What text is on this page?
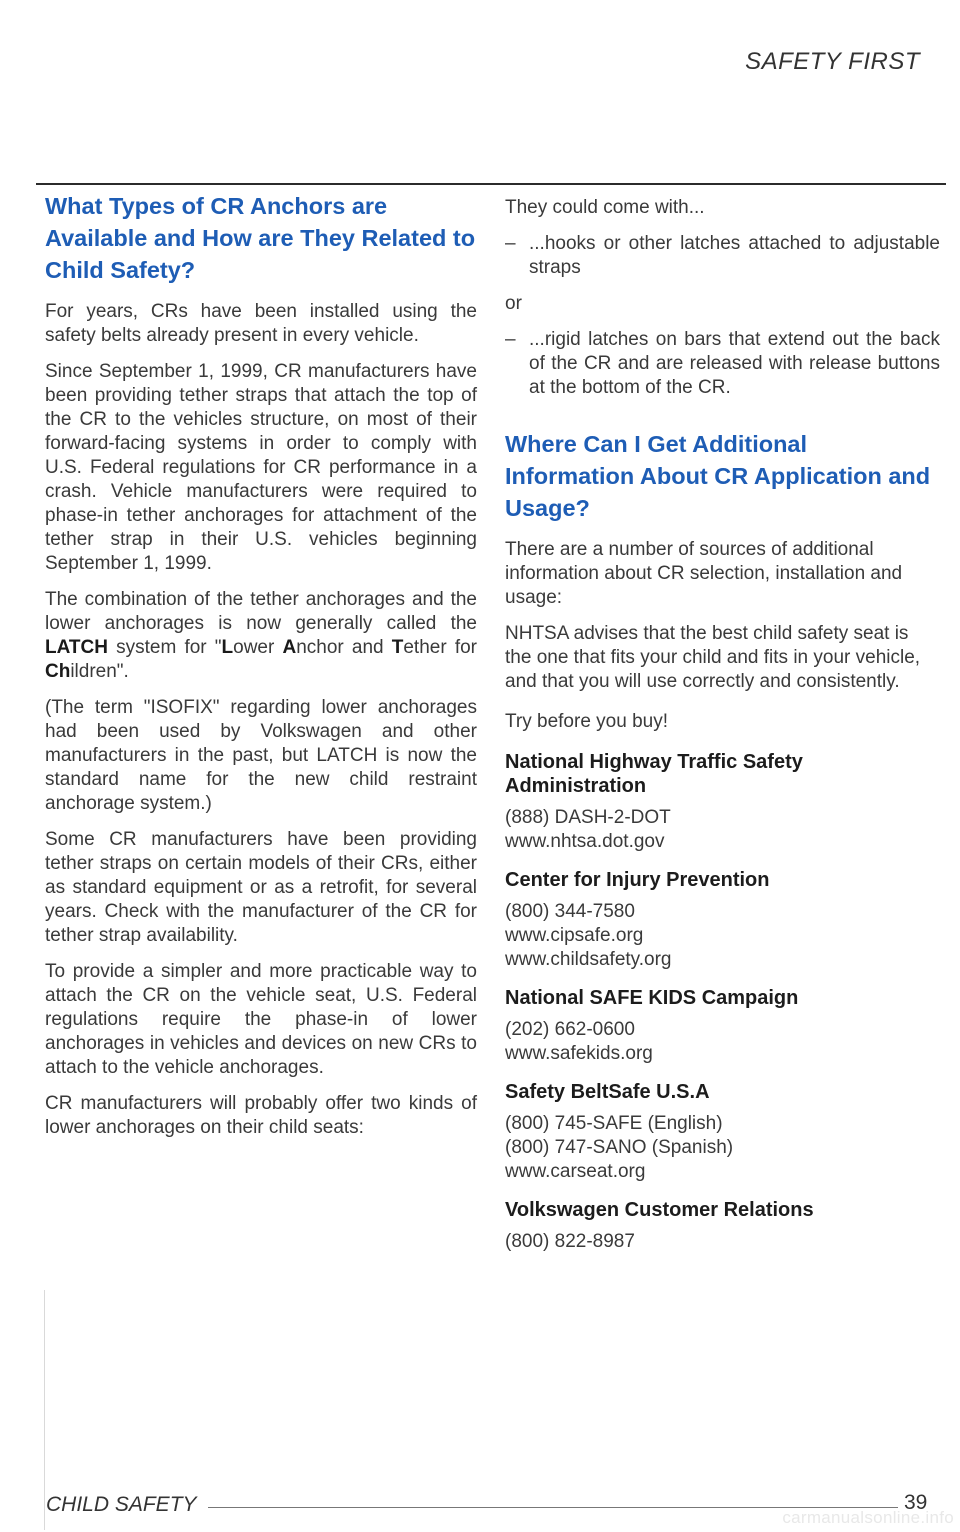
SAFETY FIRST
What Types of CR Anchors are Available and How are They Related to Child Safety?

For years, CRs have been installed using the safety belts already present in every vehicle.

Since September 1, 1999, CR manufacturers have been providing tether straps that attach the top of the CR to the vehicles structure, on most of their forward-facing systems in order to comply with U.S. Federal regulations for CR performance in a crash. Vehicle manufacturers were required to phase-in tether anchorages for attachment of the tether strap in their U.S. vehicles beginning September 1, 1999.

The combination of the tether anchorages and the lower anchorages is now generally called the LATCH system for "Lower Anchor and Tether for Children".

(The term "ISOFIX" regarding lower anchorages had been used by Volkswagen and other manufacturers in the past, but LATCH is now the standard name for the new child restraint anchorage system.)

Some CR manufacturers have been providing tether straps on certain models of their CRs, either as standard equipment or as a retrofit, for several years. Check with the manufacturer of the CR for tether strap availability.

To provide a simpler and more practicable way to attach the CR on the vehicle seat, U.S. Federal regulations require the phase-in of lower anchorages in vehicles and devices on new CRs to attach to the vehicle anchorages.

CR manufacturers will probably offer two kinds of lower anchorages on their child seats:

They could come with...

– ...hooks or other latches attached to adjustable straps
or
– ...rigid latches on bars that extend out the back of the CR and are released with release buttons at the bottom of the CR.
Where Can I Get Additional Information About CR Application and Usage?

There are a number of sources of additional information about CR selection, installation and usage:

NHTSA advises that the best child safety seat is the one that fits your child and fits in your vehicle, and that you will use correctly and consistently.

Try before you buy!

National Highway Traffic Safety Administration
(888) DASH-2-DOT
www.nhtsa.dot.gov
Center for Injury Prevention
(800) 344-7580
www.cipsafe.org
www.childsafety.org
National SAFE KIDS Campaign
(202) 662-0600
www.safekids.org
Safety BeltSafe U.S.A
(800) 745-SAFE (English)
(800) 747-SANO (Spanish)
www.carseat.org
Volkswagen Customer Relations
(800) 822-8987
CHILD SAFETY	39
carmanualsonline.info
